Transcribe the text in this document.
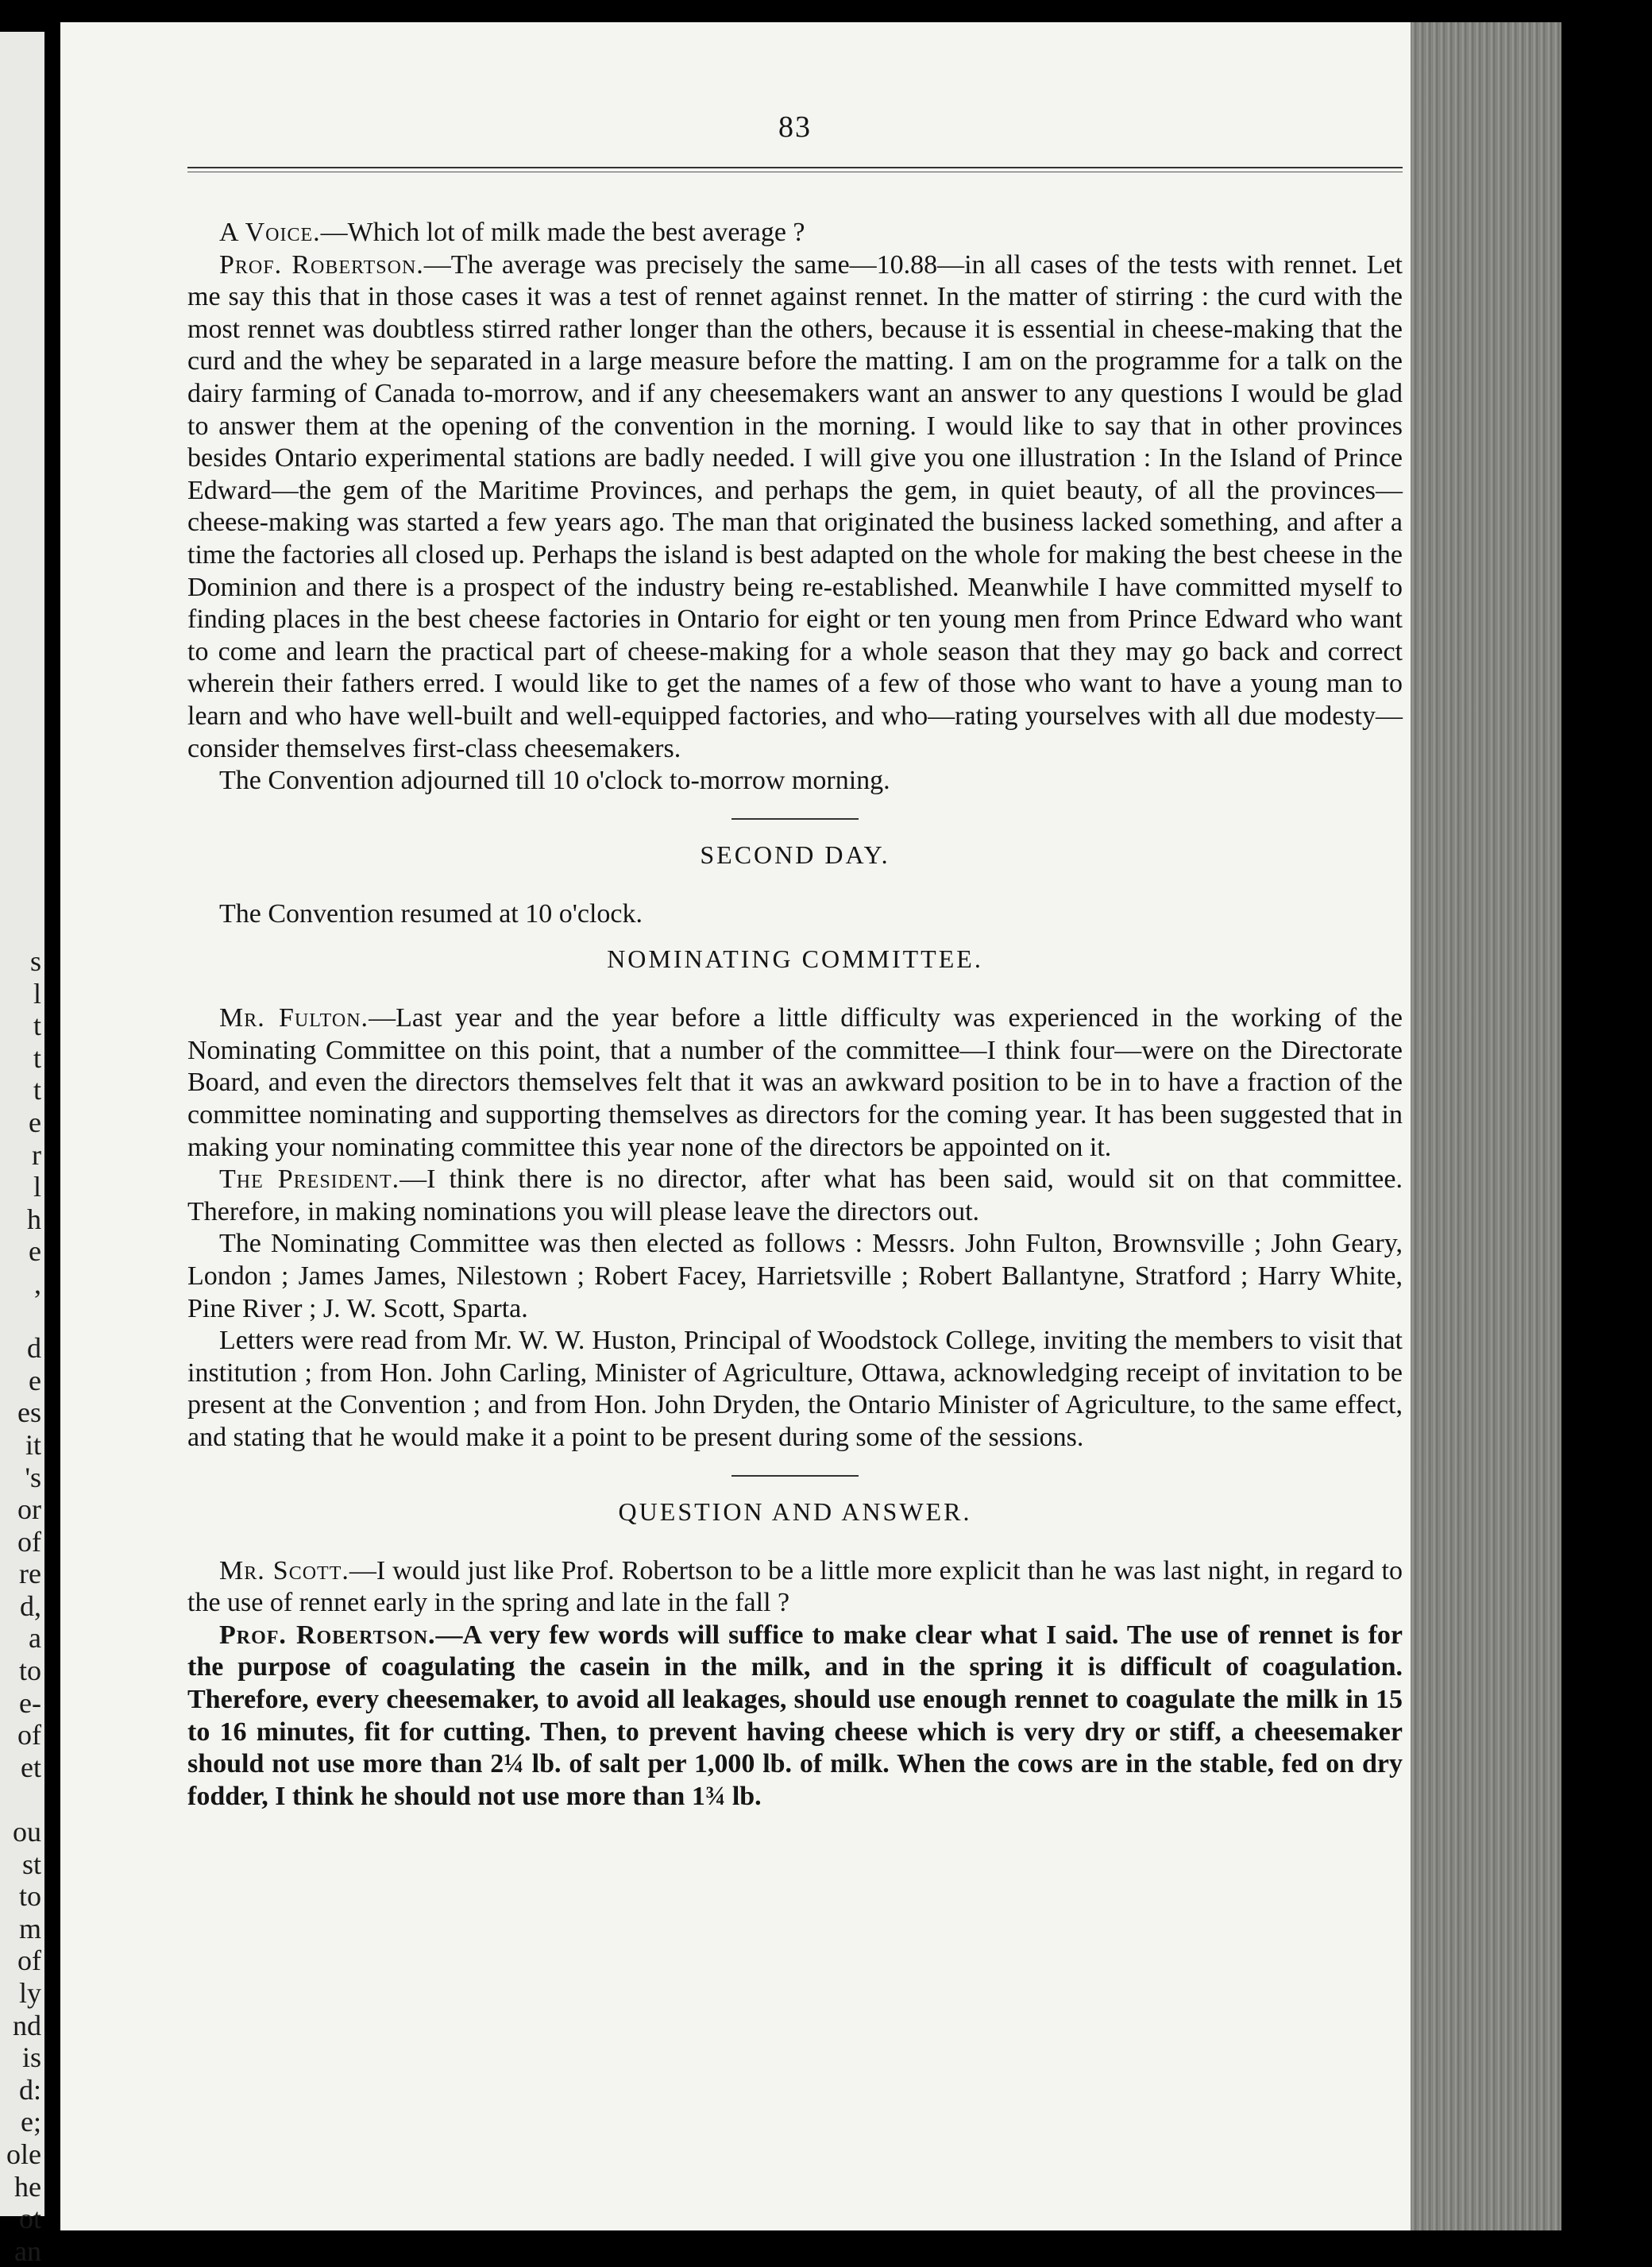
s
l
t
t
t
e
r
l
h
e
,
d
e
es
it
's
or
of
re
d,
a
to
e-
of
et
ou
st
to
m
of
ly
nd
is
d:
e;
ole
he
ot
an
83

A Voice.—Which lot of milk made the best average ?

Prof. Robertson.—The average was precisely the same—10.88—in all cases of the tests with rennet. Let me say this that in those cases it was a test of rennet against rennet. In the matter of stirring : the curd with the most rennet was doubtless stirred rather longer than the others, because it is essential in cheese-making that the curd and the whey be separated in a large measure before the matting. I am on the programme for a talk on the dairy farming of Canada to-morrow, and if any cheesemakers want an answer to any questions I would be glad to answer them at the opening of the convention in the morning. I would like to say that in other provinces besides Ontario experimental stations are badly needed. I will give you one illustration : In the Island of Prince Edward—the gem of the Maritime Provinces, and perhaps the gem, in quiet beauty, of all the provinces—cheese-making was started a few years ago. The man that originated the business lacked something, and after a time the factories all closed up. Perhaps the island is best adapted on the whole for making the best cheese in the Dominion and there is a prospect of the industry being re-established. Meanwhile I have committed myself to finding places in the best cheese factories in Ontario for eight or ten young men from Prince Edward who want to come and learn the practical part of cheese-making for a whole season that they may go back and correct wherein their fathers erred. I would like to get the names of a few of those who want to have a young man to learn and who have well-built and well-equipped factories, and who—rating yourselves with all due modesty—consider themselves first-class cheesemakers.

The Convention adjourned till 10 o'clock to-morrow morning.

SECOND DAY.

The Convention resumed at 10 o'clock.

NOMINATING COMMITTEE.

Mr. Fulton.—Last year and the year before a little difficulty was experienced in the working of the Nominating Committee on this point, that a number of the committee—I think four—were on the Directorate Board, and even the directors themselves felt that it was an awkward position to be in to have a fraction of the committee nominating and supporting themselves as directors for the coming year. It has been suggested that in making your nominating committee this year none of the directors be appointed on it.

The President.—I think there is no director, after what has been said, would sit on that committee. Therefore, in making nominations you will please leave the directors out.

The Nominating Committee was then elected as follows : Messrs. John Fulton, Brownsville ; John Geary, London ; James James, Nilestown ; Robert Facey, Harrietsville ; Robert Ballantyne, Stratford ; Harry White, Pine River ; J. W. Scott, Sparta.

Letters were read from Mr. W. W. Huston, Principal of Woodstock College, inviting the members to visit that institution ; from Hon. John Carling, Minister of Agriculture, Ottawa, acknowledging receipt of invitation to be present at the Convention ; and from Hon. John Dryden, the Ontario Minister of Agriculture, to the same effect, and stating that he would make it a point to be present during some of the sessions.

QUESTION AND ANSWER.

Mr. Scott.—I would just like Prof. Robertson to be a little more explicit than he was last night, in regard to the use of rennet early in the spring and late in the fall ?

Prof. Robertson.—A very few words will suffice to make clear what I said. The use of rennet is for the purpose of coagulating the casein in the milk, and in the spring it is difficult of coagulation. Therefore, every cheesemaker, to avoid all leakages, should use enough rennet to coagulate the milk in 15 to 16 minutes, fit for cutting. Then, to prevent having cheese which is very dry or stiff, a cheesemaker should not use more than 2¼ lb. of salt per 1,000 lb. of milk. When the cows are in the stable, fed on dry fodder, I think he should not use more than 1¾ lb.
